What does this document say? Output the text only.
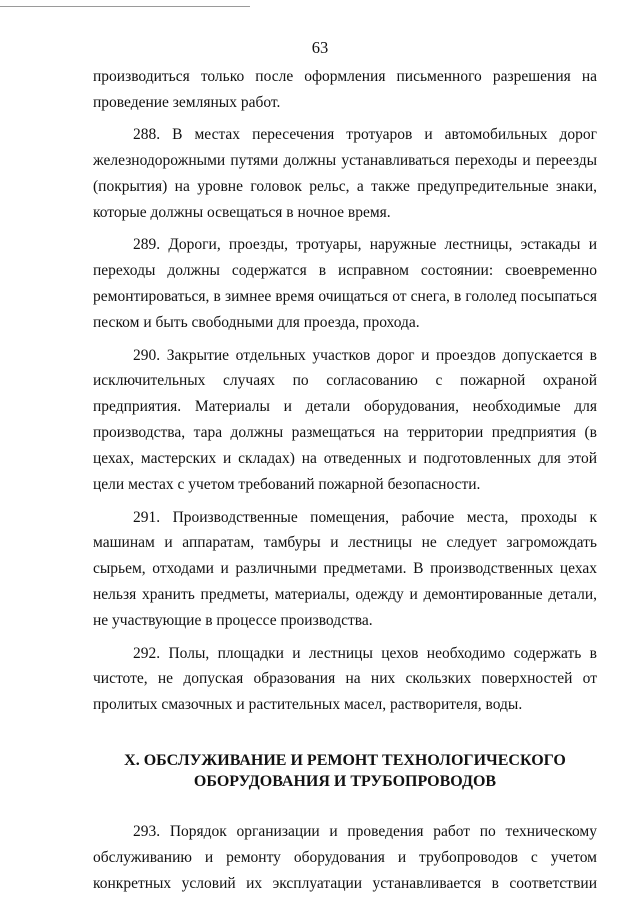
63

производиться только после оформления письменного разрешения на проведение земляных работ.

288. В местах пересечения тротуаров и автомобильных дорог железнодорожными путями должны устанавливаться переходы и переезды (покрытия) на уровне головок рельс, а также предупредительные знаки, которые должны освещаться в ночное время.

289. Дороги, проезды, тротуары, наружные лестницы, эстакады и переходы должны содержатся в исправном состоянии: своевременно ремонтироваться, в зимнее время очищаться от снега, в гололед посыпаться песком и быть свободными для проезда, прохода.

290. Закрытие отдельных участков дорог и проездов допускается в исключительных случаях по согласованию с пожарной охраной предприятия. Материалы и детали оборудования, необходимые для производства, тара должны размещаться на территории предприятия (в цехах, мастерских и складах) на отведенных и подготовленных для этой цели местах с учетом требований пожарной безопасности.

291. Производственные помещения, рабочие места, проходы к машинам и аппаратам, тамбуры и лестницы не следует загромождать сырьем, отходами и различными предметами. В производственных цехах нельзя хранить предметы, материалы, одежду и демонтированные детали, не участвующие в процессе производства.

292. Полы, площадки и лестницы цехов необходимо содержать в чистоте, не допуская образования на них скользких поверхностей от пролитых смазочных и растительных масел, растворителя, воды.

X. ОБСЛУЖИВАНИЕ И РЕМОНТ ТЕХНОЛОГИЧЕСКОГО
ОБОРУДОВАНИЯ И ТРУБОПРОВОДОВ

293. Порядок организации и проведения работ по техническому обслуживанию и ремонту оборудования и трубопроводов с учетом конкретных условий их эксплуатации устанавливается в соответствии
